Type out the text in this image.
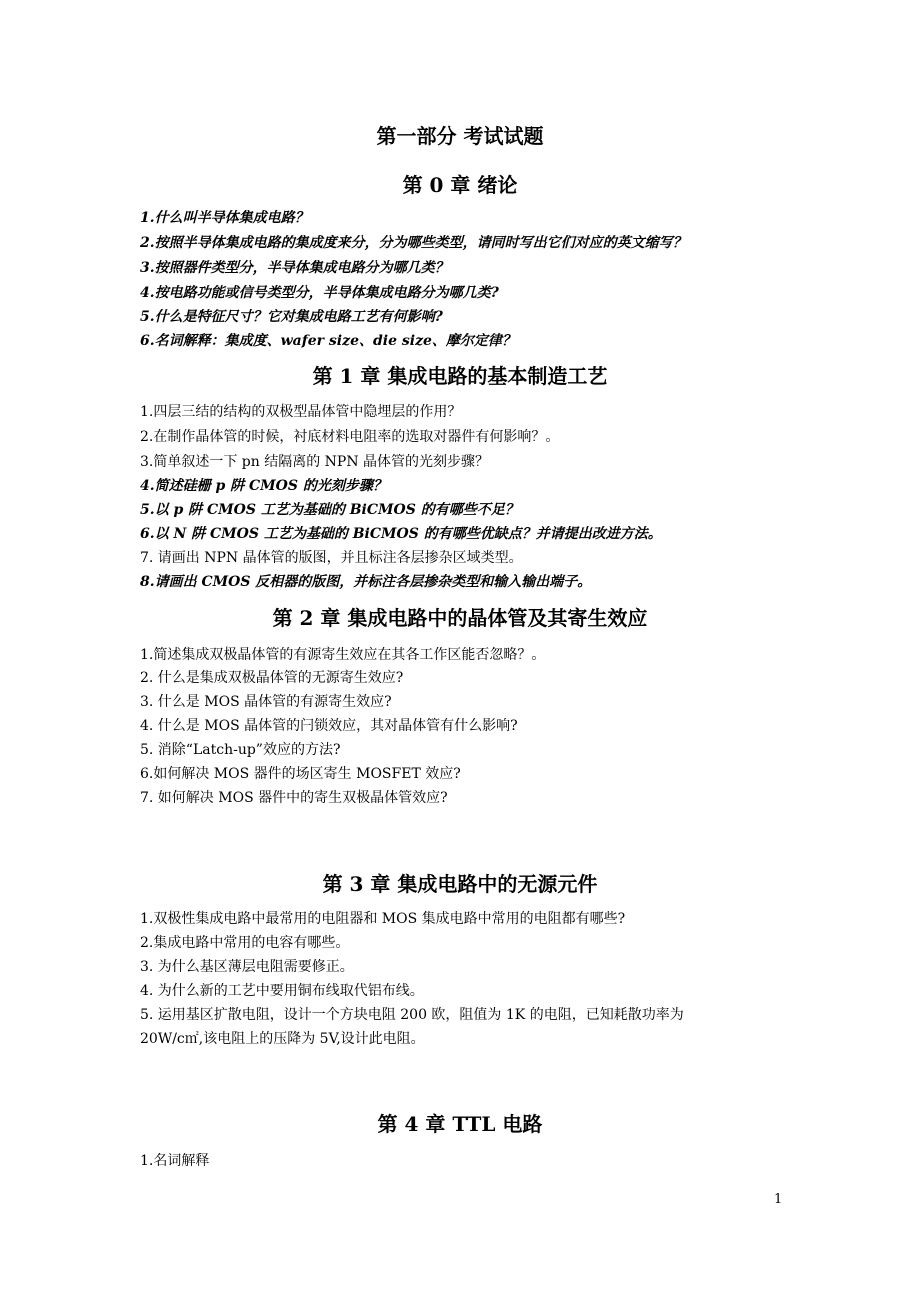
第一部分 考试试题
第 0 章 绪论
1.什么叫半导体集成电路？
2.按照半导体集成电路的集成度来分，分为哪些类型，请同时写出它们对应的英文缩写？
3.按照器件类型分，半导体集成电路分为哪几类？
4.按电路功能或信号类型分，半导体集成电路分为哪几类?
5.什么是特征尺寸？它对集成电路工艺有何影响?
6.名词解释：集成度、wafer size、die size、摩尔定律？
第 1 章 集成电路的基本制造工艺
1.四层三结的结构的双极型晶体管中隐埋层的作用？
2.在制作晶体管的时候，衬底材料电阻率的选取对器件有何影响？。
3.简单叙述一下 pn 结隔离的 NPN 晶体管的光刻步骤？
4.简述硅栅 p 阱 CMOS 的光刻步骤？
5.以 p 阱 CMOS 工艺为基础的 BiCMOS 的有哪些不足？
6.以 N 阱 CMOS 工艺为基础的 BiCMOS 的有哪些优缺点？并请提出改进方法。
7. 请画出 NPN 晶体管的版图，并且标注各层掺杂区域类型。
8.请画出 CMOS 反相器的版图，并标注各层掺杂类型和输入输出端子。
第 2 章 集成电路中的晶体管及其寄生效应
1.简述集成双极晶体管的有源寄生效应在其各工作区能否忽略？。
2. 什么是集成双极晶体管的无源寄生效应?
3. 什么是 MOS 晶体管的有源寄生效应?
4. 什么是 MOS 晶体管的闩锁效应，其对晶体管有什么影响?
5. 消除“Latch-up”效应的方法?
6.如何解决 MOS 器件的场区寄生 MOSFET 效应?
7. 如何解决 MOS 器件中的寄生双极晶体管效应?
第 3 章 集成电路中的无源元件
1.双极性集成电路中最常用的电阻器和 MOS 集成电路中常用的电阻都有哪些?
2.集成电路中常用的电容有哪些。
3. 为什么基区薄层电阻需要修正。
4. 为什么新的工艺中要用铜布线取代铝布线。
5. 运用基区扩散电阻，设计一个方块电阻 200 欧，阻值为 1K 的电阻，已知耗散功率为
20W/c㎡,该电阻上的压降为 5V,设计此电阻。
第 4 章 TTL 电路
1.名词解释
1
